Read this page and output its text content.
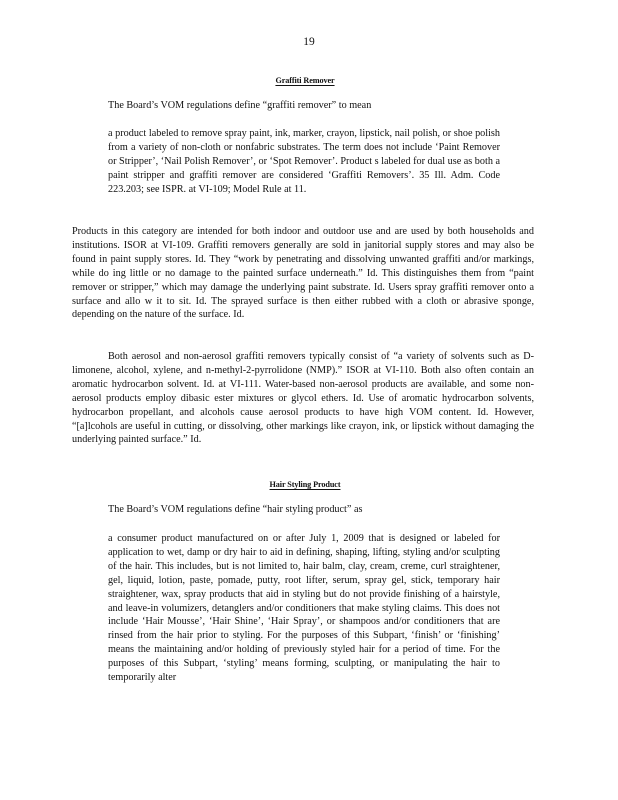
19
Graffiti Remover

The Board’s VOM regulations define “graffiti remover” to mean

a product labeled to remove spray paint, ink, marker, crayon, lipstick, nail polish, or shoe polish from a variety of non-cloth or nonfabric substrates. The term does not include ‘Paint Remover or Stripper’, ‘Nail Polish Remover’, or ‘Spot Remover’. Product s labeled for dual use as both a paint stripper and graffiti remover are considered ‘Graffiti Removers’. 35 Ill. Adm. Code 223.203; see ISPR. at VI-109; Model Rule at 11.

Products in this category are intended for both indoor and outdoor use and are used by both households and institutions. ISOR at VI-109. Graffiti removers generally are sold in janitorial supply stores and may also be found in paint supply stores. Id. They “work by penetrating and dissolving unwanted graffiti and/or markings, while do ing little or no damage to the painted surface underneath.” Id. This distinguishes them from “paint remover or stripper,” which may damage the underlying paint substrate. Id. Users spray graffiti remover onto a surface and allo w it to sit. Id. The sprayed surface is then either rubbed with a cloth or abrasive sponge, depending on the nature of the surface. Id.

Both aerosol and non-aerosol graffiti removers typically consist of “a variety of solvents such as D-limonene, alcohol, xylene, and n-methyl-2-pyrrolidone (NMP).” ISOR at VI-110. Both also often contain an aromatic hydrocarbon solvent. Id. at VI-111. Water-based non-aerosol products are available, and some non-aerosol products employ dibasic ester mixtures or glycol ethers. Id. Use of aromatic hydrocarbon solvents, hydrocarbon propellant, and alcohols cause aerosol products to have high VOM content. Id. However, “[a]lcohols are useful in cutting, or dissolving, other markings like crayon, ink, or lipstick without damaging the underlying painted surface.” Id.

Hair Styling Product

The Board’s VOM regulations define “hair styling product” as

a consumer product manufactured on or after July 1, 2009 that is designed or labeled for application to wet, damp or dry hair to aid in defining, shaping, lifting, styling and/or sculpting of the hair. This includes, but is not limited to, hair balm, clay, cream, creme, curl straightener, gel, liquid, lotion, paste, pomade, putty, root lifter, serum, spray gel, stick, temporary hair straightener, wax, spray products that aid in styling but do not provide finishing of a hairstyle, and leave-in volumizers, detanglers and/or conditioners that make styling claims. This does not include ‘Hair Mousse’, ‘Hair Shine’, ‘Hair Spray’, or shampoos and/or conditioners that are rinsed from the hair prior to styling. For the purposes of this Subpart, ‘finish’ or ‘finishing’ means the maintaining and/or holding of previously styled hair for a period of time. For the purposes of this Subpart, ‘styling’ means forming, sculpting, or manipulating the hair to temporarily alter
